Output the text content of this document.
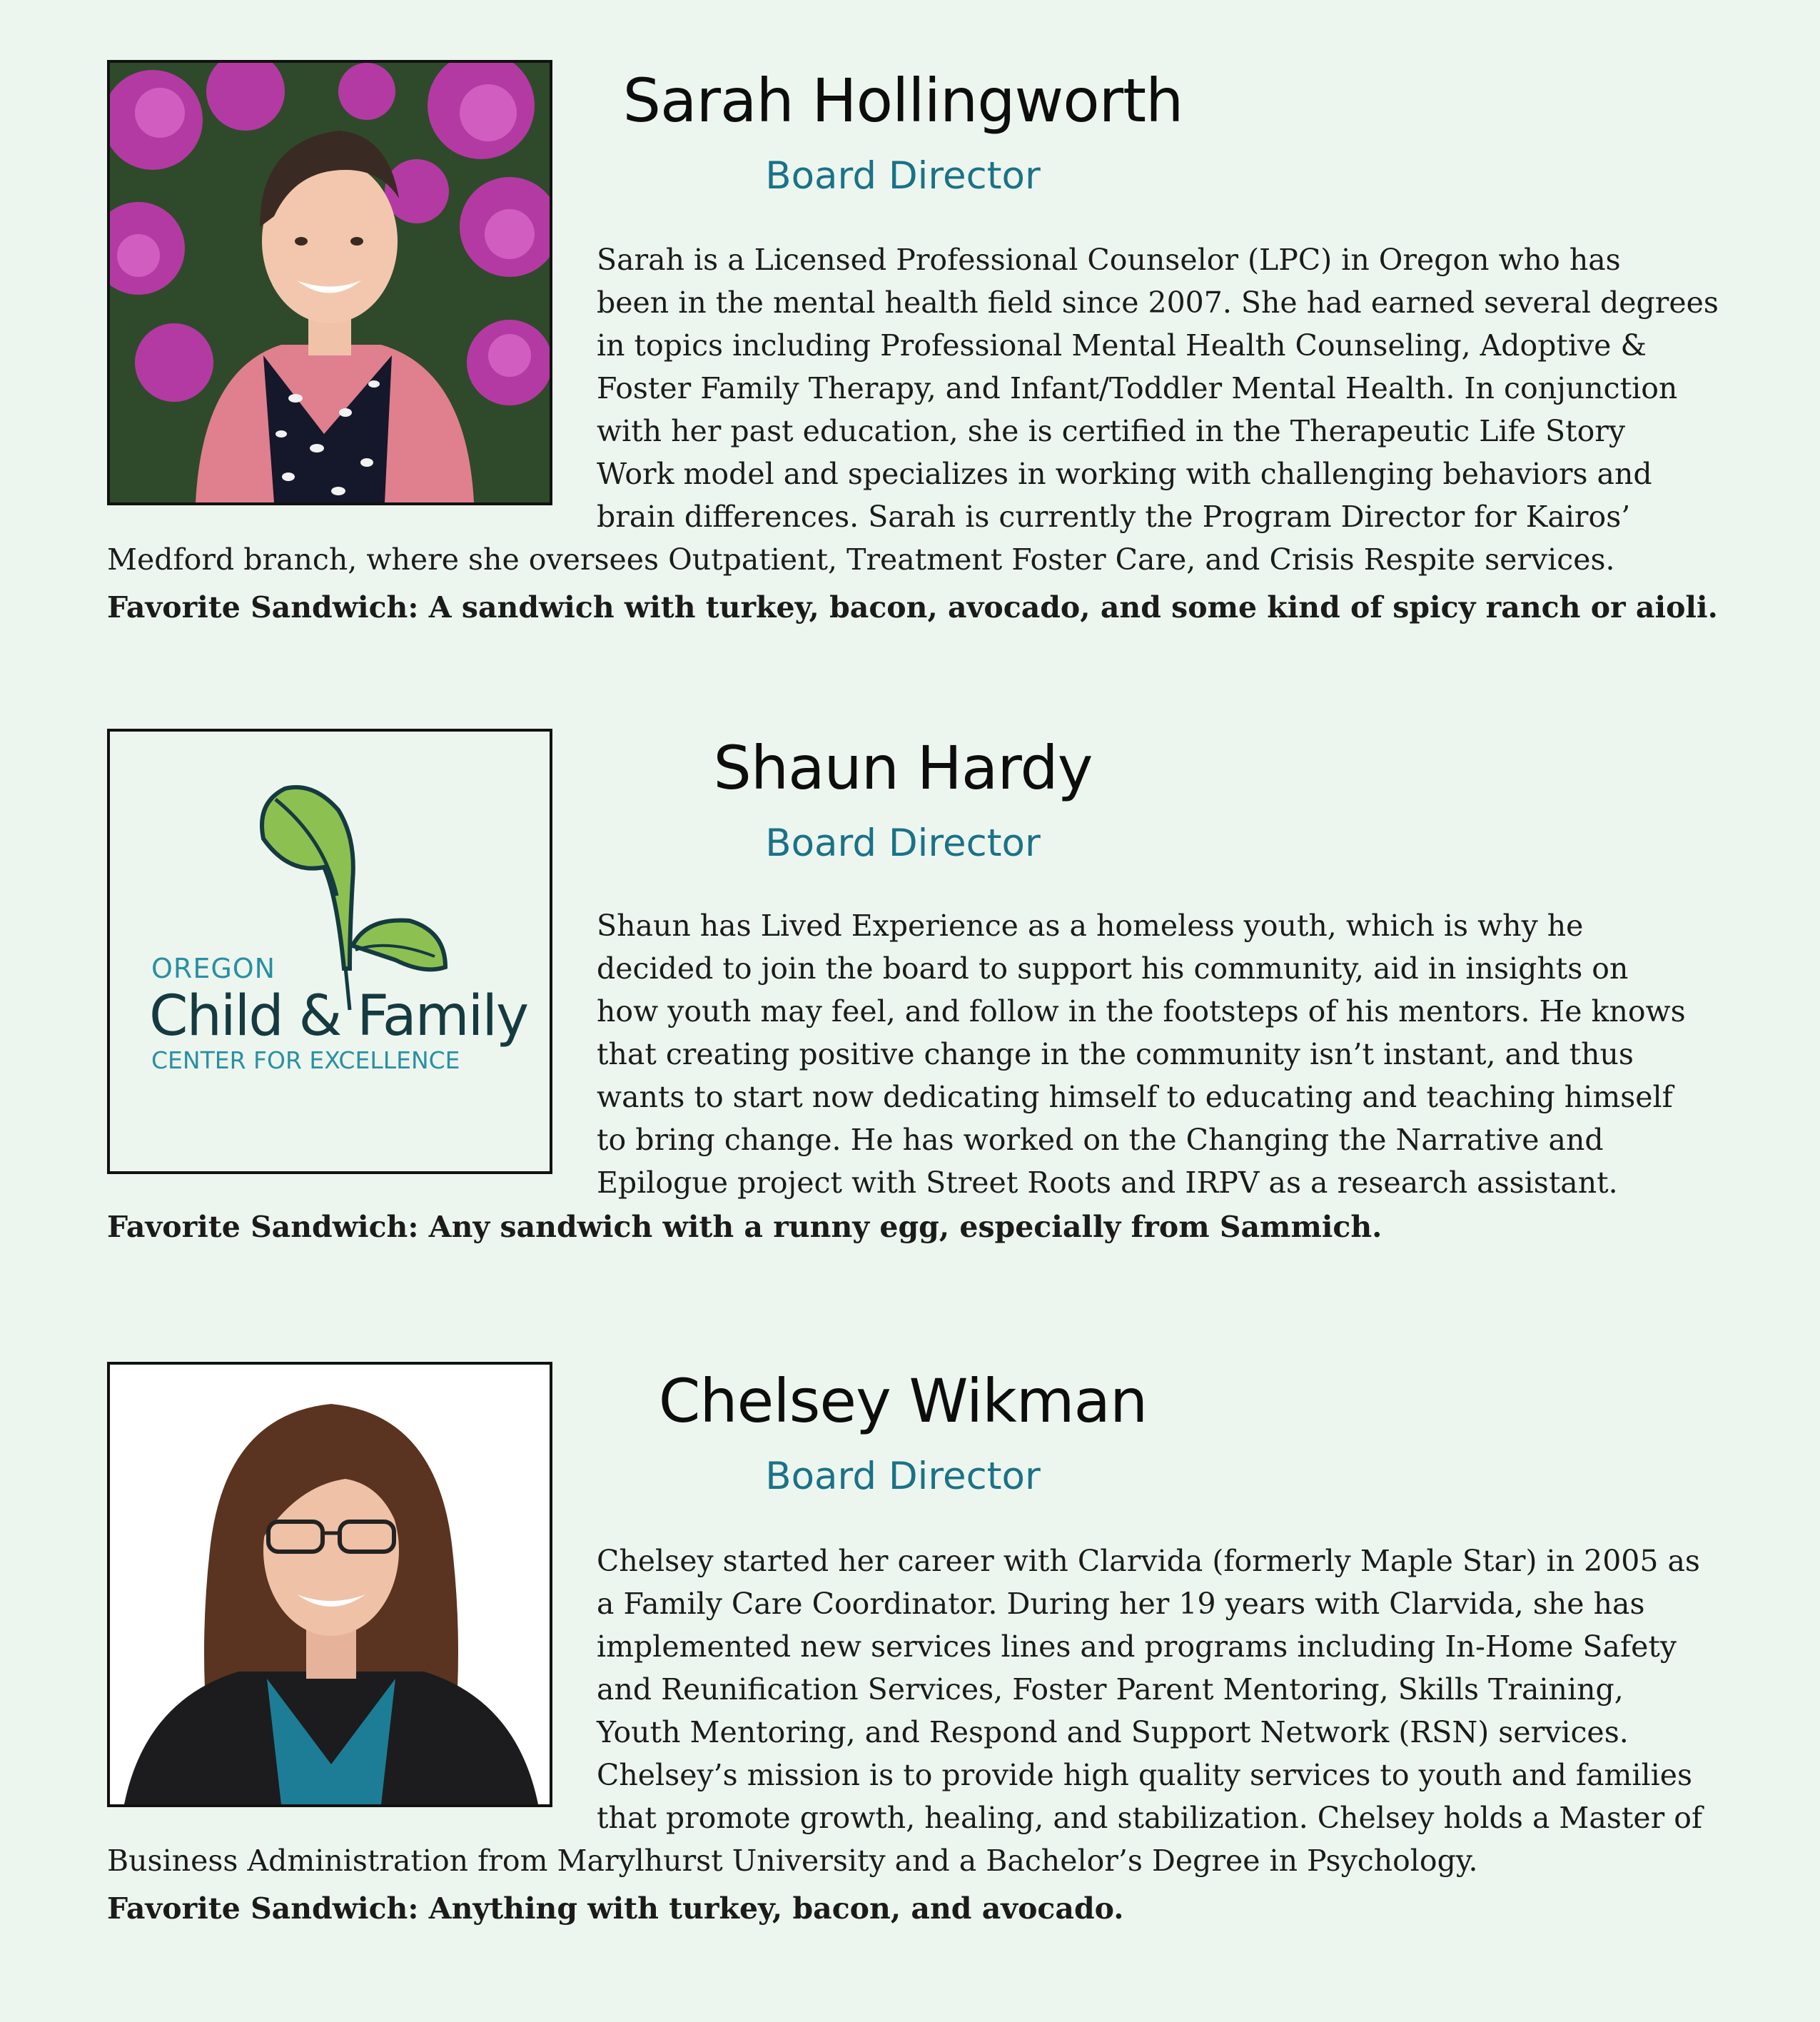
Sarah Hollingworth
Board Director
Sarah is a Licensed Professional Counselor (LPC) in Oregon who has
been in the mental health field since 2007. She had earned several degrees
in topics including Professional Mental Health Counseling, Adoptive &
Foster Family Therapy, and Infant/Toddler Mental Health. In conjunction
with her past education, she is certified in the Therapeutic Life Story
Work model and specializes in working with challenging behaviors and
brain differences. Sarah is currently the Program Director for Kairos’
Medford branch, where she oversees Outpatient, Treatment Foster Care, and Crisis Respite services.
Favorite Sandwich: A sandwich with turkey, bacon, avocado, and some kind of spicy ranch or aioli.
OREGON
Child & Family
CENTER FOR EXCELLENCE
Shaun Hardy
Board Director
Shaun has Lived Experience as a homeless youth, which is why he
decided to join the board to support his community, aid in insights on
how youth may feel, and follow in the footsteps of his mentors. He knows
that creating positive change in the community isn’t instant, and thus
wants to start now dedicating himself to educating and teaching himself
to bring change. He has worked on the Changing the Narrative and
Epilogue project with Street Roots and IRPV as a research assistant.
Favorite Sandwich: Any sandwich with a runny egg, especially from Sammich.
Chelsey Wikman
Board Director
Chelsey started her career with Clarvida (formerly Maple Star) in 2005 as
a Family Care Coordinator. During her 19 years with Clarvida, she has
implemented new services lines and programs including In-Home Safety
and Reunification Services, Foster Parent Mentoring, Skills Training,
Youth Mentoring, and Respond and Support Network (RSN) services.
Chelsey’s mission is to provide high quality services to youth and families
that promote growth, healing, and stabilization. Chelsey holds a Master of
Business Administration from Marylhurst University and a Bachelor’s Degree in Psychology.
Favorite Sandwich: Anything with turkey, bacon, and avocado.
